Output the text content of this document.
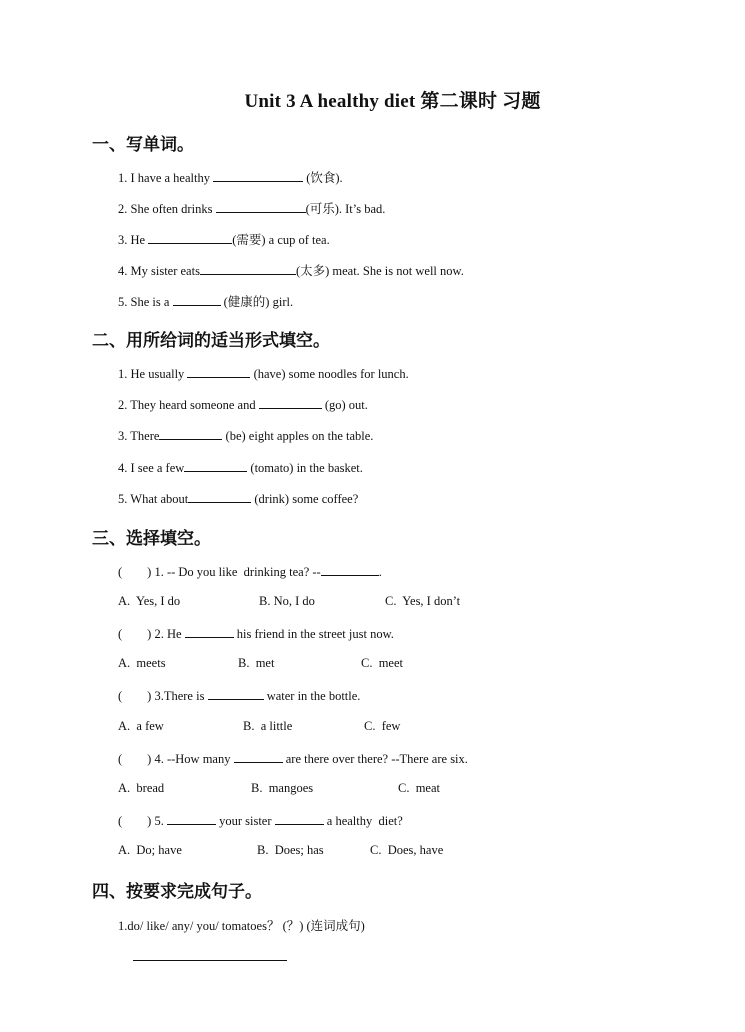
Unit 3 A healthy diet 第二课时 习题
一、写单词。
1. I have a healthy	(饮食).
2. She often drinks	(可乐). It’s bad.
3. He	(需要) a cup of tea.
4. My sister eats	(太多) meat. She is not well now.
5. She is a	(健康的) girl.
二、用所给词的适当形式填空。
1. He usually	(have) some noodles for lunch.
2. They heard someone and	(go) out.
3. There	(be) eight apples on the table.
4. I see a few	(tomato) in the basket.
5. What about	(drink) some coffee?
三、选择填空。
(        ) 1. -- Do you like  drinking tea? --	.
A.  Yes, I do	B. No, I do	C.  Yes, I don’t
(        ) 2. He	his friend in the street just now.
A.  meets	B.  met	C.  meet
(        ) 3.There is	water in the bottle.
A.  a few	B.  a little	C.  few
(        ) 4. --How many	are there over there? --There are six.
A.  bread	B.  mangoes	C.  meat
(        ) 5.	your sister	a healthy  diet?
A.  Do; have	B.  Does; has	C.  Does, have
四、按要求完成句子。
1.do/ like/ any/ you/ tomatoes？ (？) (连词成句)
